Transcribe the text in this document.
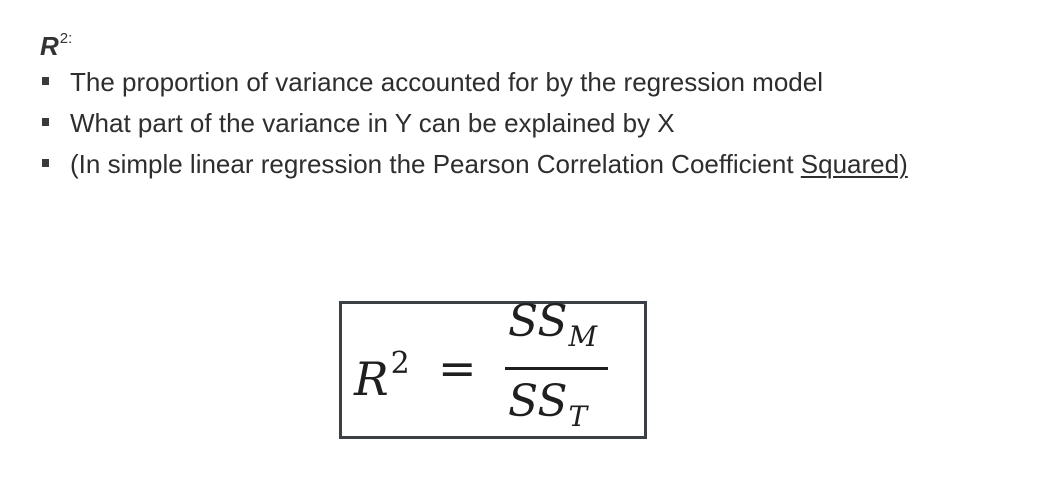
$R^{2:}$
The proportion of variance accounted for by the regression model
What part of the variance in Y can be explained by X
(In simple linear regression the Pearson Correlation Coefficient Squared)
$R^2$ =
$SS_M$
$SS_T$
